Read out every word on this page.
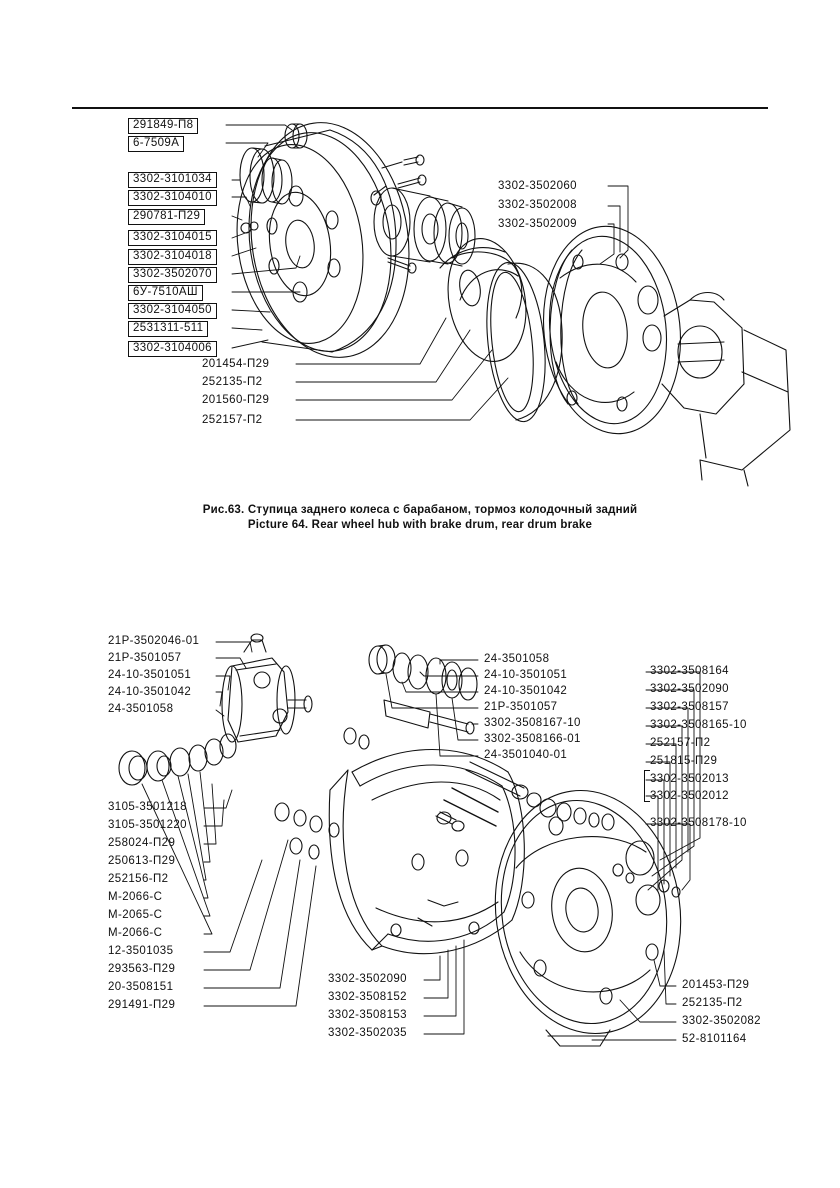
291849-П8
6-7509А
3302-3101034
3302-3104010
290781-П29
3302-3104015
3302-3104018
3302-3502070
6У-7510АШ
3302-3104050
2531311-511
3302-3104006
3302-3502060
3302-3502008
3302-3502009
201454-П29
252135-П2
201560-П29
252157-П2
Рис.63. Ступица заднего колеса с барабаном, тормоз колодочный задний
Picture 64. Rear wheel hub with brake drum, rear drum brake
21Р-3502046-01
21Р-3501057
24-10-3501051
24-10-3501042
24-3501058
24-3501058
24-10-3501051
24-10-3501042
21Р-3501057
3302-3508167-10
3302-3508166-01
24-3501040-01
3302-3508164
3302-3502090
3302-3508157
3302-3508165-10
252157-П2
251815-П29
3302-3502013
3302-3502012
3302-3508178-10
3105-3501218
3105-3501220
258024-П29
250613-П29
252156-П2
М-2066-С
М-2065-С
М-2066-С
12-3501035
293563-П29
20-3508151
291491-П29
3302-3502090
3302-3508152
3302-3508153
3302-3502035
201453-П29
252135-П2
3302-3502082
52-8101164
